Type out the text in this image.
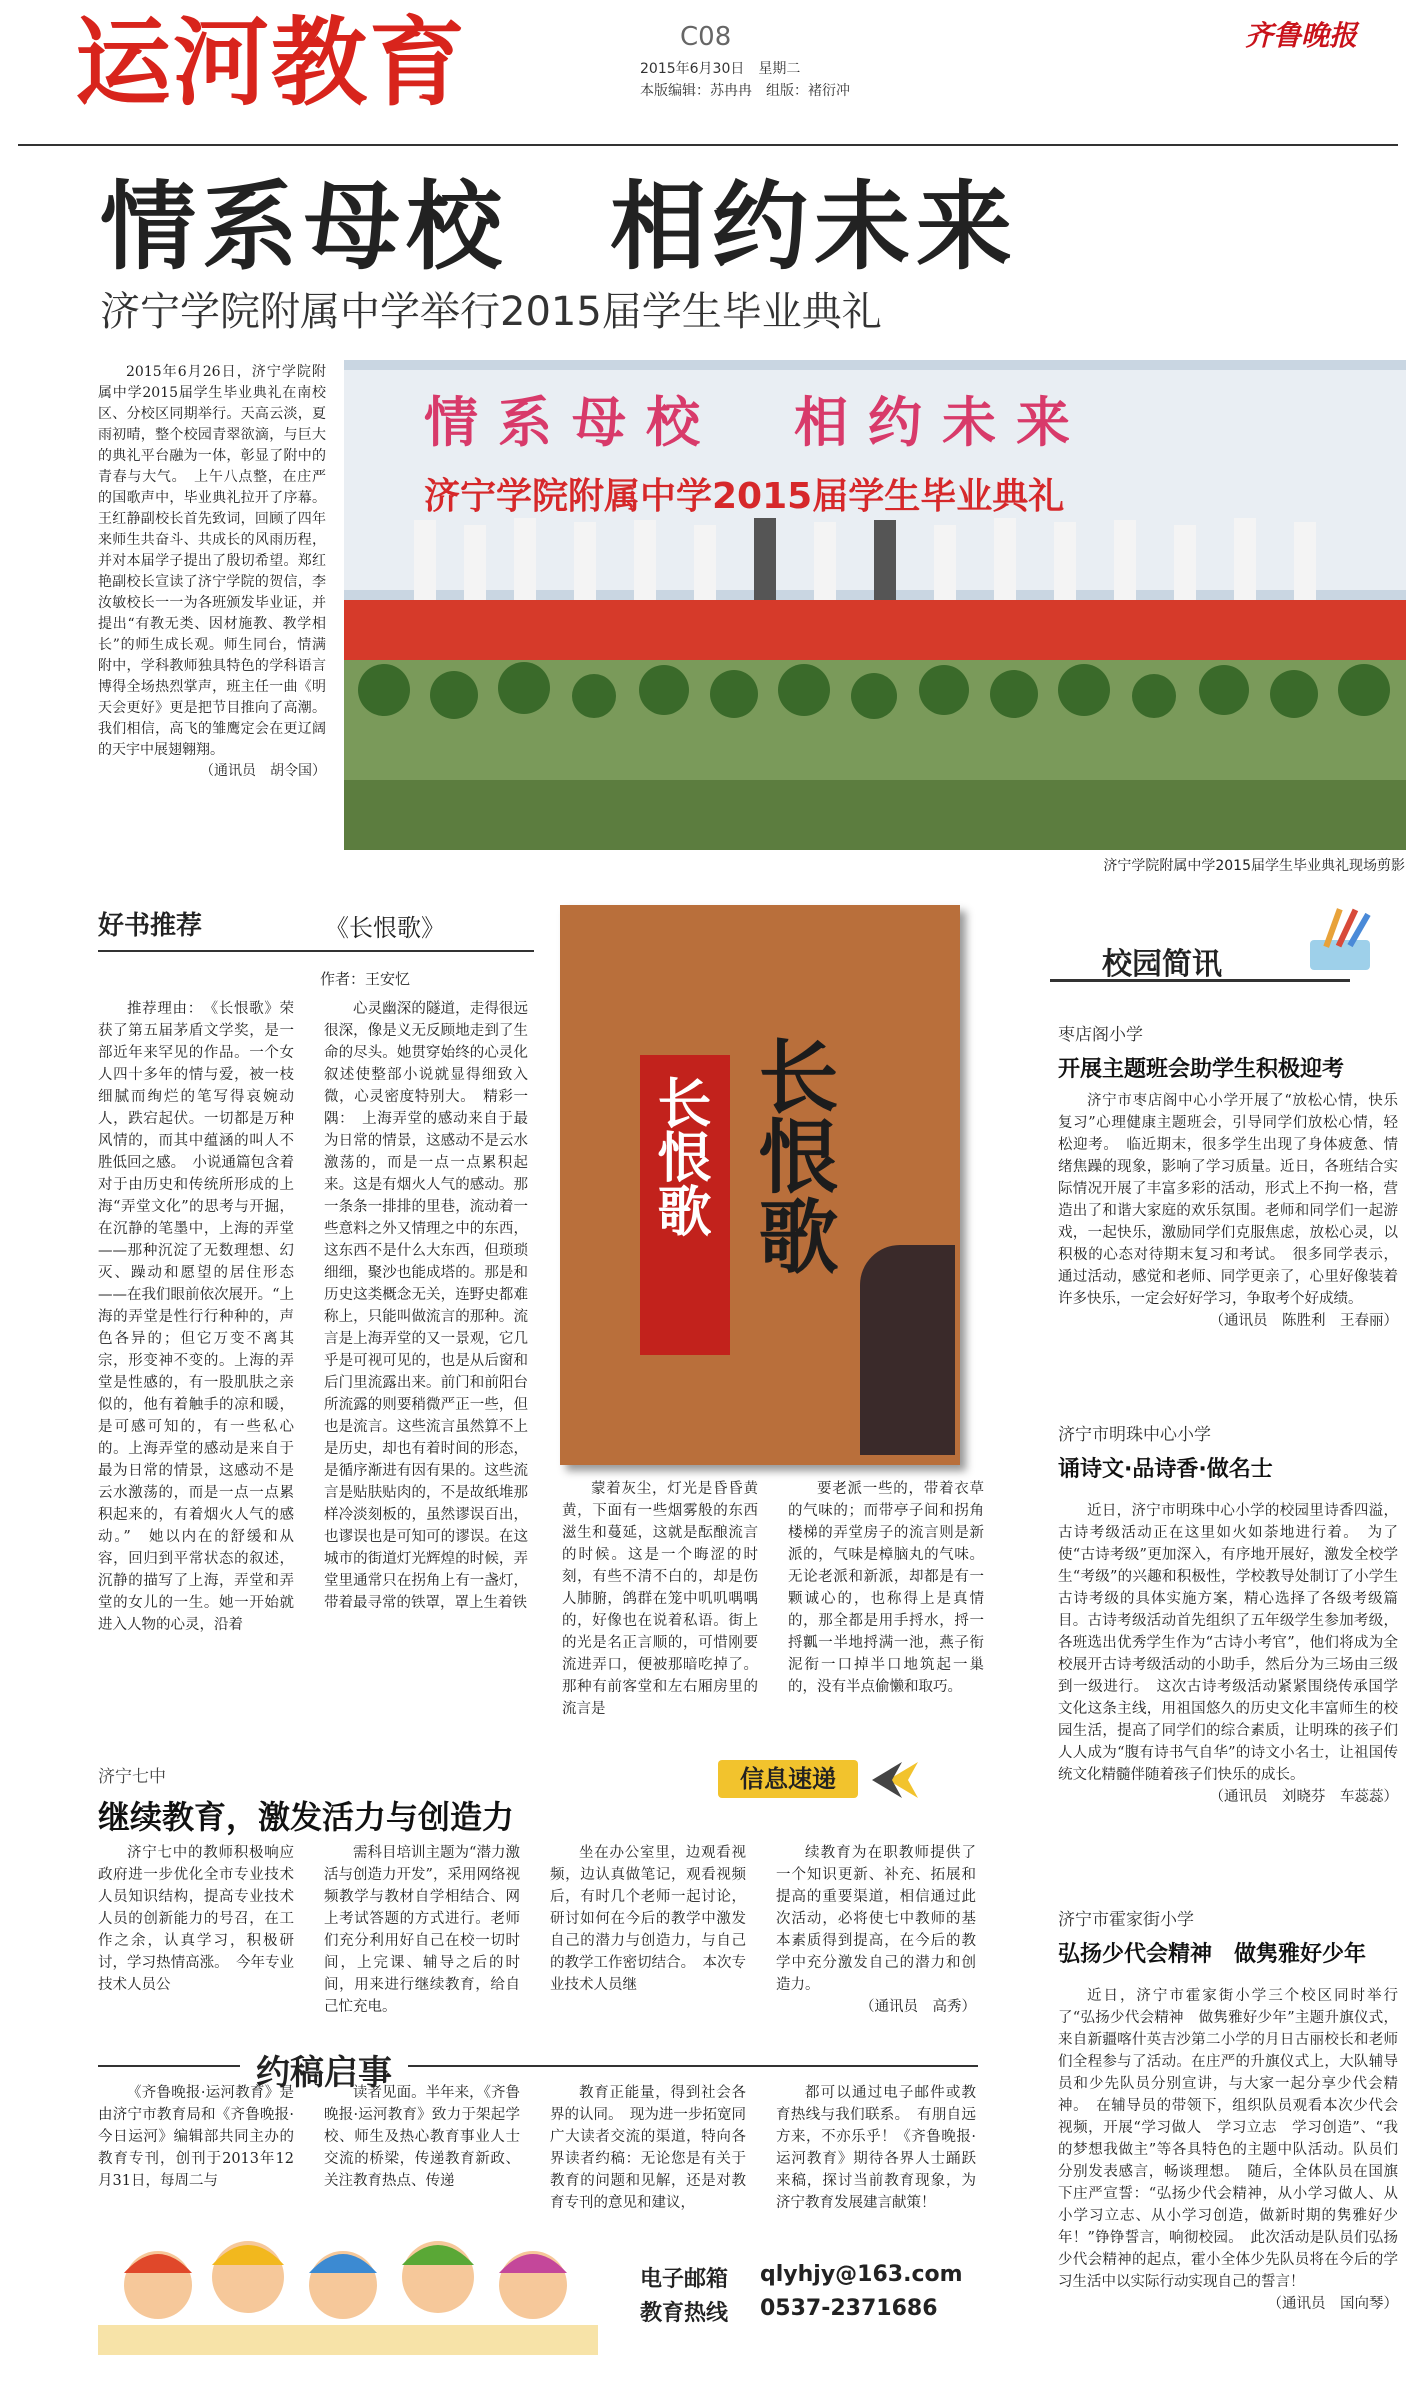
运河教育	C08
2015年6月30日　星期二
本版编辑：苏冉冉　组版：褚衍冲
齐鲁晚报
情系母校　相约未来
济宁学院附属中学举行2015届学生毕业典礼

2015年6月26日，济宁学院附属中学2015届学生毕业典礼在南校区、分校区同期举行。天高云淡，夏雨初晴，整个校园青翠欲滴，与巨大的典礼平台融为一体，彰显了附中的青春与大气。　上午八点整，在庄严的国歌声中，毕业典礼拉开了序幕。王红静副校长首先致词，回顾了四年来师生共奋斗、共成长的风雨历程，并对本届学子提出了殷切希望。郑红艳副校长宣读了济宁学院的贺信，李汝敏校长一一为各班颁发毕业证，并提出“有教无类、因材施教、教学相长”的师生成长观。师生同台，情满附中，学科教师独具特色的学科语言博得全场热烈掌声，班主任一曲《明天会更好》更是把节目推向了高潮。我们相信，高飞的雏鹰定会在更辽阔的天宇中展翅翱翔。

（通讯员　胡令国）
情系母校　相约未来
济宁学院附属中学2015届学生毕业典礼
济宁学院附属中学2015届学生毕业典礼现场剪影
好书推荐	《长恨歌》
作者：王安忆

推荐理由：　《长恨歌》荣获了第五届茅盾文学奖，是一部近年来罕见的作品。一个女人四十多年的情与爱，被一枝细腻而绚烂的笔写得哀婉动人，跌宕起伏。一切都是万种风情的，而其中蕴涵的叫人不胜低回之感。　小说通篇包含着对于由历史和传统所形成的上海“弄堂文化”的思考与开掘，在沉静的笔墨中，上海的弄堂——那种沉淀了无数理想、幻灭、躁动和愿望的居住形态——在我们眼前依次展开。“上海的弄堂是性行行种种的，声色各异的；但它万变不离其宗，形变神不变的。上海的弄堂是性感的，有一股肌肤之亲似的，他有着触手的凉和暖，是可感可知的，有一些私心的。上海弄堂的感动是来自于最为日常的情景，这感动不是云水激荡的，而是一点一点累积起来的，有着烟火人气的感动。”　她以内在的舒缓和从容，回归到平常状态的叙述，沉静的描写了上海，弄堂和弄堂的女儿的一生。她一开始就进入人物的心灵，沿着

心灵幽深的隧道，走得很远很深，像是义无反顾地走到了生命的尽头。她贯穿始终的心灵化叙述使整部小说就显得细致入微，心灵密度特别大。　精彩一隅：　上海弄堂的感动来自于最为日常的情景，这感动不是云水激荡的，而是一点一点累积起来。这是有烟火人气的感动。那一条条一排排的里巷，流动着一些意料之外又情理之中的东西，这东西不是什么大东西，但琐琐细细，聚沙也能成塔的。那是和历史这类概念无关，连野史都难称上，只能叫做流言的那种。流言是上海弄堂的又一景观，它几乎是可视可见的，也是从后窗和后门里流露出来。前门和前阳台所流露的则要稍微严正一些，但也是流言。这些流言虽然算不上是历史，却也有着时间的形态，是循序渐进有因有果的。这些流言是贴肤贴肉的，不是故纸堆那样冷淡刻板的，虽然谬误百出，也谬误也是可知可的谬误。在这城市的街道灯光辉煌的时候，弄堂里通常只在拐角上有一盏灯，带着最寻常的铁罩，罩上生着铁

长恨歌 长恨歌

蒙着灰尘，灯光是昏昏黄黄，下面有一些烟雾般的东西滋生和蔓延，这就是酝酿流言的时候。这是一个晦涩的时刻，有些不清不白的，却是伤人肺腑，鸽群在笼中叽叽喁喁的，好像也在说着私语。街上的光是名正言顺的，可惜刚要流进弄口，便被那暗吃掉了。那种有前客堂和左右厢房里的流言是

要老派一些的，带着衣草的气味的；而带亭子间和拐角楼梯的弄堂房子的流言则是新派的，气味是樟脑丸的气味。无论老派和新派，却都是有一颗诚心的，也称得上是真情的，那全都是用手捋水，捋一捋瓤一半地捋满一池，燕子衔泥衔一口掉半口地筑起一巢的，没有半点偷懒和取巧。

济宁七中
继续教育，激发活力与创造力
信息速递

济宁七中的教师积极响应政府进一步优化全市专业技术人员知识结构，提高专业技术人员的创新能力的号召，在工作之余，认真学习，积极研讨，学习热情高涨。　今年专业技术人员公

需科目培训主题为“潜力激活与创造力开发”，采用网络视频教学与教材自学相结合、网上考试答题的方式进行。老师们充分利用好自己在校一切时间，上完课、辅导之后的时间，用来进行继续教育，给自己忙充电。

坐在办公室里，边观看视频，边认真做笔记，观看视频后，有时几个老师一起讨论，研讨如何在今后的教学中激发自己的潜力与创造力，与自己的教学工作密切结合。　本次专业技术人员继

续教育为在职教师提供了一个知识更新、补充、拓展和提高的重要渠道，相信通过此次活动，必将使七中教师的基本素质得到提高，在今后的教学中充分激发自己的潜力和创造力。

（通讯员　高秀）
约稿启事

《齐鲁晚报·运河教育》是由济宁市教育局和《齐鲁晚报·今日运河》编辑部共同主办的教育专刊，创刊于2013年12月31日，每周二与

读者见面。半年来，《齐鲁晚报·运河教育》致力于架起学校、师生及热心教育事业人士交流的桥梁，传递教育新政、关注教育热点、传递

教育正能量，得到社会各界的认同。　现为进一步拓宽同广大读者交流的渠道，特向各界读者约稿：无论您是有关于教育的问题和见解，还是对教育专刊的意见和建议，

都可以通过电子邮件或教育热线与我们联系。　有朋自远方来，不亦乐乎！《齐鲁晚报·运河教育》期待各界人士踊跃来稿，探讨当前教育现象，为济宁教育发展建言献策！

电子邮箱 qlyhjy@163.com
教育热线 0537-2371686
校园简讯
枣店阁小学
开展主题班会助学生积极迎考

济宁市枣店阁中心小学开展了“放松心情，快乐复习”心理健康主题班会，引导同学们放松心情，轻松迎考。　临近期末，很多学生出现了身体疲惫、情绪焦躁的现象，影响了学习质量。近日，各班结合实际情况开展了丰富多彩的活动，形式上不拘一格，营造出了和谐大家庭的欢乐氛围。老师和同学们一起游戏，一起快乐，激励同学们克服焦虑，放松心灵，以积极的心态对待期末复习和考试。　很多同学表示，通过活动，感觉和老师、同学更亲了，心里好像装着许多快乐，一定会好好学习，争取考个好成绩。

（通讯员　陈胜利　王春丽）
济宁市明珠中心小学
诵诗文·品诗香·做名士

近日，济宁市明珠中心小学的校园里诗香四溢，古诗考级活动正在这里如火如荼地进行着。　为了使“古诗考级”更加深入，有序地开展好，激发全校学生“考级”的兴趣和积极性，学校教导处制订了小学生古诗考级的具体实施方案，精心选择了各级考级篇目。古诗考级活动首先组织了五年级学生参加考级，各班选出优秀学生作为“古诗小考官”，他们将成为全校展开古诗考级活动的小助手，然后分为三场由三级到一级进行。　这次古诗考级活动紧紧围绕传承国学文化这条主线，用祖国悠久的历史文化丰富师生的校园生活，提高了同学们的综合素质，让明珠的孩子们人人成为“腹有诗书气自华”的诗文小名士，让祖国传统文化精髓伴随着孩子们快乐的成长。

（通讯员　刘晓芬　车蕊蕊）
济宁市霍家街小学
弘扬少代会精神　做隽雅好少年

近日，济宁市霍家街小学三个校区同时举行了“弘扬少代会精神　做隽雅好少年”主题升旗仪式，来自新疆喀什英吉沙第二小学的月日古丽校长和老师们全程参与了活动。在庄严的升旗仪式上，大队辅导员和少先队员分别宣讲，与大家一起分享少代会精神。　在辅导员的带领下，组织队员观看本次少代会视频，开展“学习做人　学习立志　学习创造”、“我的梦想我做主”等各具特色的主题中队活动。队员们分别发表感言，畅谈理想。　随后，全体队员在国旗下庄严宣誓：“弘扬少代会精神，从小学习做人、从小学习立志、从小学习创造，做新时期的隽雅好少年！”铮铮誓言，响彻校园。　此次活动是队员们弘扬少代会精神的起点，霍小全体少先队员将在今后的学习生活中以实际行动实现自己的誓言！

（通讯员　国向琴）
